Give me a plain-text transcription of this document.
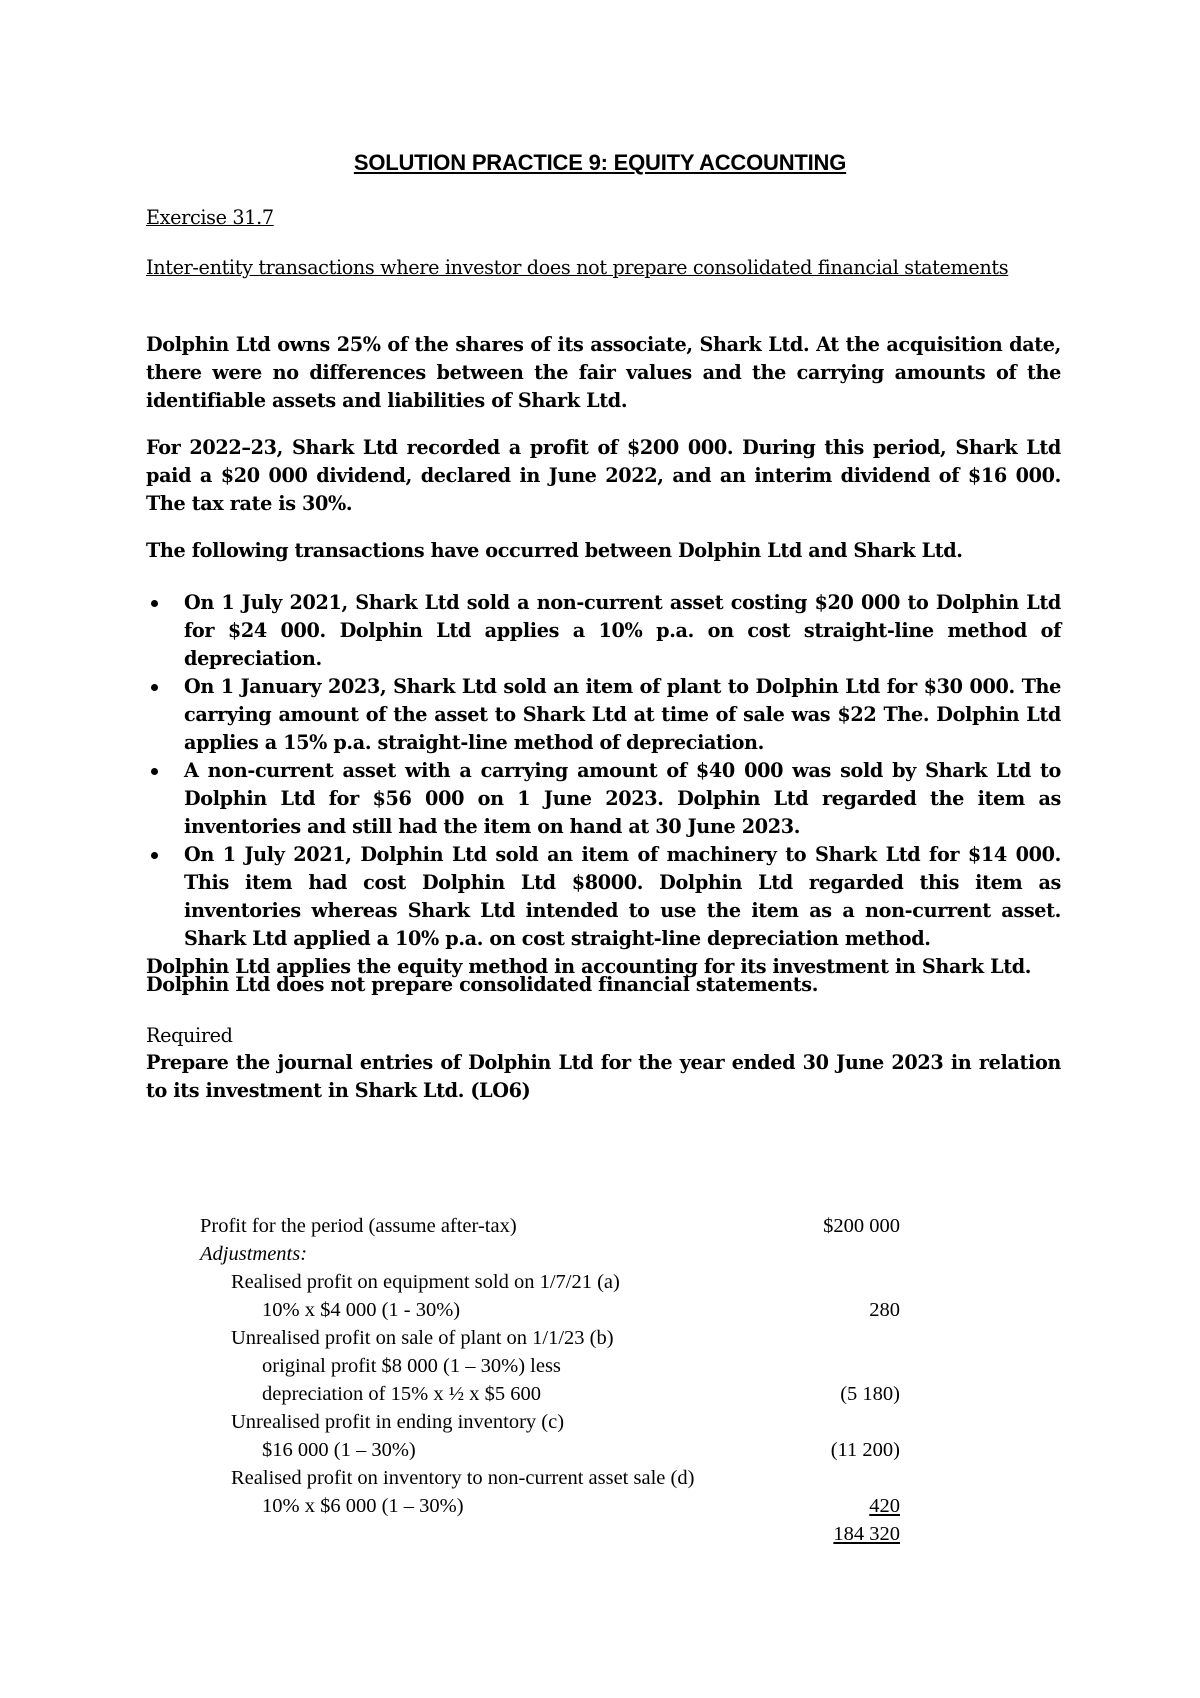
SOLUTION PRACTICE 9: EQUITY ACCOUNTING
Exercise 31.7
Inter-entity transactions where investor does not prepare consolidated financial statements
Dolphin Ltd owns 25% of the shares of its associate, Shark Ltd. At the acquisition date, there were no differences between the fair values and the carrying amounts of the identifiable assets and liabilities of Shark Ltd.
For 2022–23, Shark Ltd recorded a profit of $200 000. During this period, Shark Ltd paid a $20 000 dividend, declared in June 2022, and an interim dividend of $16 000. The tax rate is 30%.
The following transactions have occurred between Dolphin Ltd and Shark Ltd.
On 1 July 2021, Shark Ltd sold a non-current asset costing $20 000 to Dolphin Ltd for $24 000. Dolphin Ltd applies a 10% p.a. on cost straight-line method of depreciation.
On 1 January 2023, Shark Ltd sold an item of plant to Dolphin Ltd for $30 000. The carrying amount of the asset to Shark Ltd at time of sale was $22 The. Dolphin Ltd applies a 15% p.a. straight-line method of depreciation.
A non-current asset with a carrying amount of $40 000 was sold by Shark Ltd to Dolphin Ltd for $56 000 on 1 June 2023. Dolphin Ltd regarded the item as inventories and still had the item on hand at 30 June 2023.
On 1 July 2021, Dolphin Ltd sold an item of machinery to Shark Ltd for $14 000. This item had cost Dolphin Ltd $8000. Dolphin Ltd regarded this item as inventories whereas Shark Ltd intended to use the item as a non-current asset. Shark Ltd applied a 10% p.a. on cost straight-line depreciation method.
Dolphin Ltd applies the equity method in accounting for its investment in Shark Ltd.
Dolphin Ltd does not prepare consolidated financial statements.
Required
Prepare the journal entries of Dolphin Ltd for the year ended 30 June 2023 in relation to its investment in Shark Ltd. (LO6)
Profit for the period (assume after-tax)	$200 000
Adjustments:
Realised profit on equipment sold on 1/7/21 (a)
10% x $4 000 (1 - 30%)	280
Unrealised profit on sale of plant on 1/1/23 (b)
original profit $8 000 (1 – 30%) less
depreciation of 15% x ½ x $5 600	(5 180)
Unrealised profit in ending inventory (c)
$16 000 (1 – 30%)	(11 200)
Realised profit on inventory to non-current asset sale (d)
10% x $6 000 (1 – 30%)	420
184 320
